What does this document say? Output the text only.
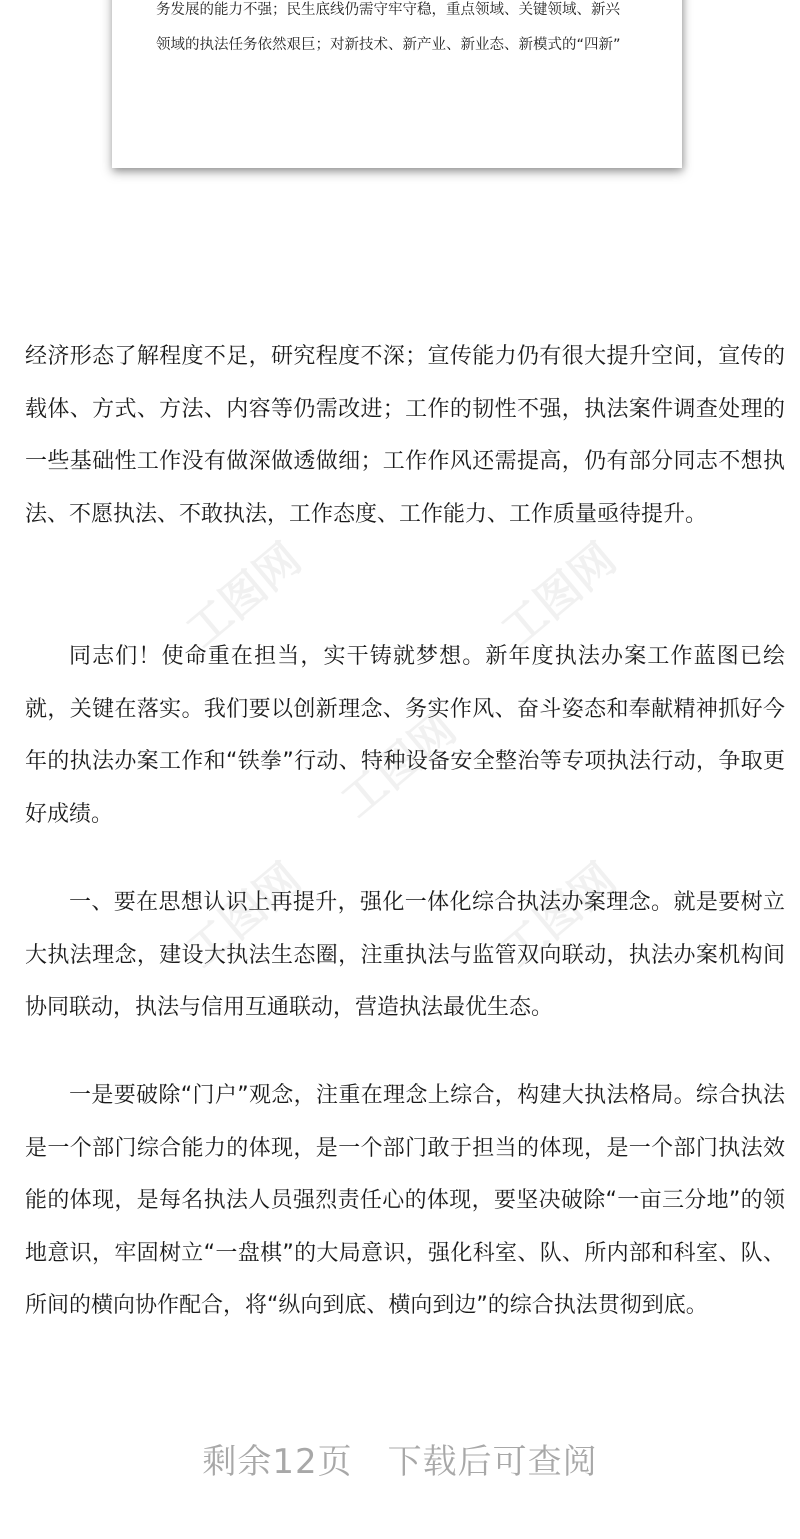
务发展的能力不强；民生底线仍需守牢守稳，重点领域、关键领域、新兴
领域的执法任务依然艰巨；对新技术、新产业、新业态、新模式的“四新”
工图网	工图网
工图网	工图网
工图网

经济形态了解程度不足，研究程度不深；宣传能力仍有很大提升空间，宣传的载体、方式、方法、内容等仍需改进；工作的韧性不强，执法案件调查处理的一些基础性工作没有做深做透做细；工作作风还需提高，仍有部分同志不想执法、不愿执法、不敢执法，工作态度、工作能力、工作质量亟待提升。

同志们！使命重在担当，实干铸就梦想。新年度执法办案工作蓝图已绘就，关键在落实。我们要以创新理念、务实作风、奋斗姿态和奉献精神抓好今年的执法办案工作和“铁拳”行动、特种设备安全整治等专项执法行动，争取更好成绩。

一、要在思想认识上再提升，强化一体化综合执法办案理念。就是要树立大执法理念，建设大执法生态圈，注重执法与监管双向联动，执法办案机构间协同联动，执法与信用互通联动，营造执法最优生态。

一是要破除“门户”观念，注重在理念上综合，构建大执法格局。综合执法是一个部门综合能力的体现，是一个部门敢于担当的体现，是一个部门执法效能的体现，是每名执法人员强烈责任心的体现，要坚决破除“一亩三分地”的领地意识，牢固树立“一盘棋”的大局意识，强化科室、队、所内部和科室、队、所间的横向协作配合，将“纵向到底、横向到边”的综合执法贯彻到底。

剩余12页　下载后可查阅
